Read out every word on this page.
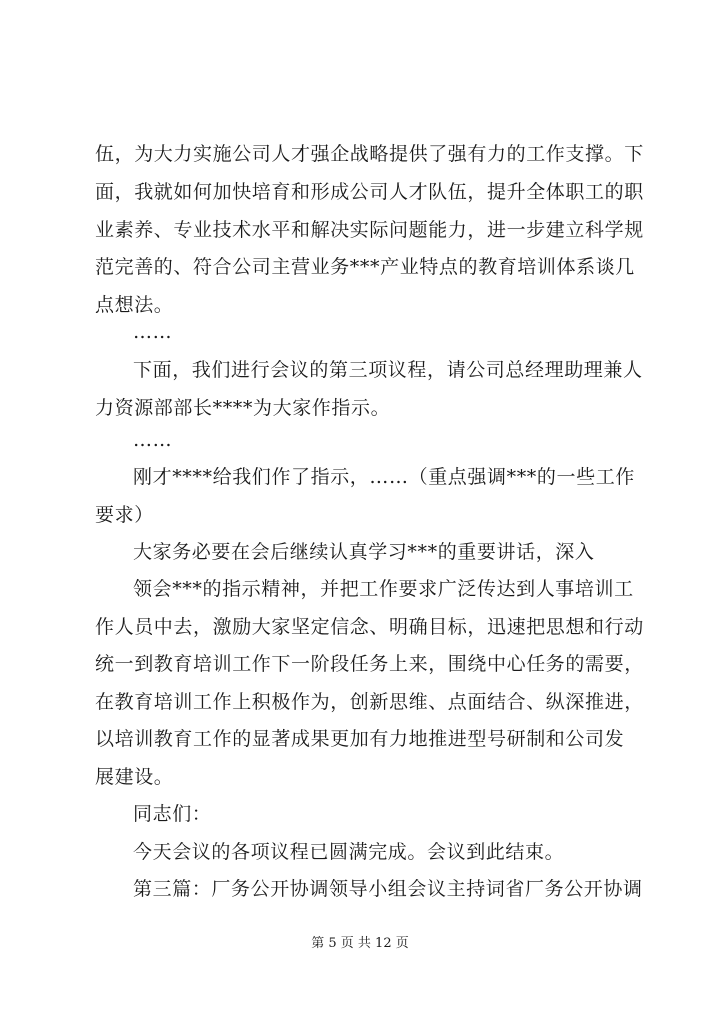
伍，为大力实施公司人才强企战略提供了强有力的工作支撑。下
面，我就如何加快培育和形成公司人才队伍，提升全体职工的职
业素养、专业技术水平和解决实际问题能力，进一步建立科学规
范完善的、符合公司主营业务***产业特点的教育培训体系谈几
点想法。
……
下面，我们进行会议的第三项议程，请公司总经理助理兼人
力资源部部长****为大家作指示。
……
刚才****给我们作了指示，……（重点强调***的一些工作
要求）
大家务必要在会后继续认真学习***的重要讲话，深入
领会***的指示精神，并把工作要求广泛传达到人事培训工
作人员中去，激励大家坚定信念、明确目标，迅速把思想和行动
统一到教育培训工作下一阶段任务上来，围绕中心任务的需要，
在教育培训工作上积极作为，创新思维、点面结合、纵深推进，
以培训教育工作的显著成果更加有力地推进型号研制和公司发
展建设。
同志们：
今天会议的各项议程已圆满完成。会议到此结束。
第三篇：厂务公开协调领导小组会议主持词省厂务公开协调
第 5 页 共 12 页
